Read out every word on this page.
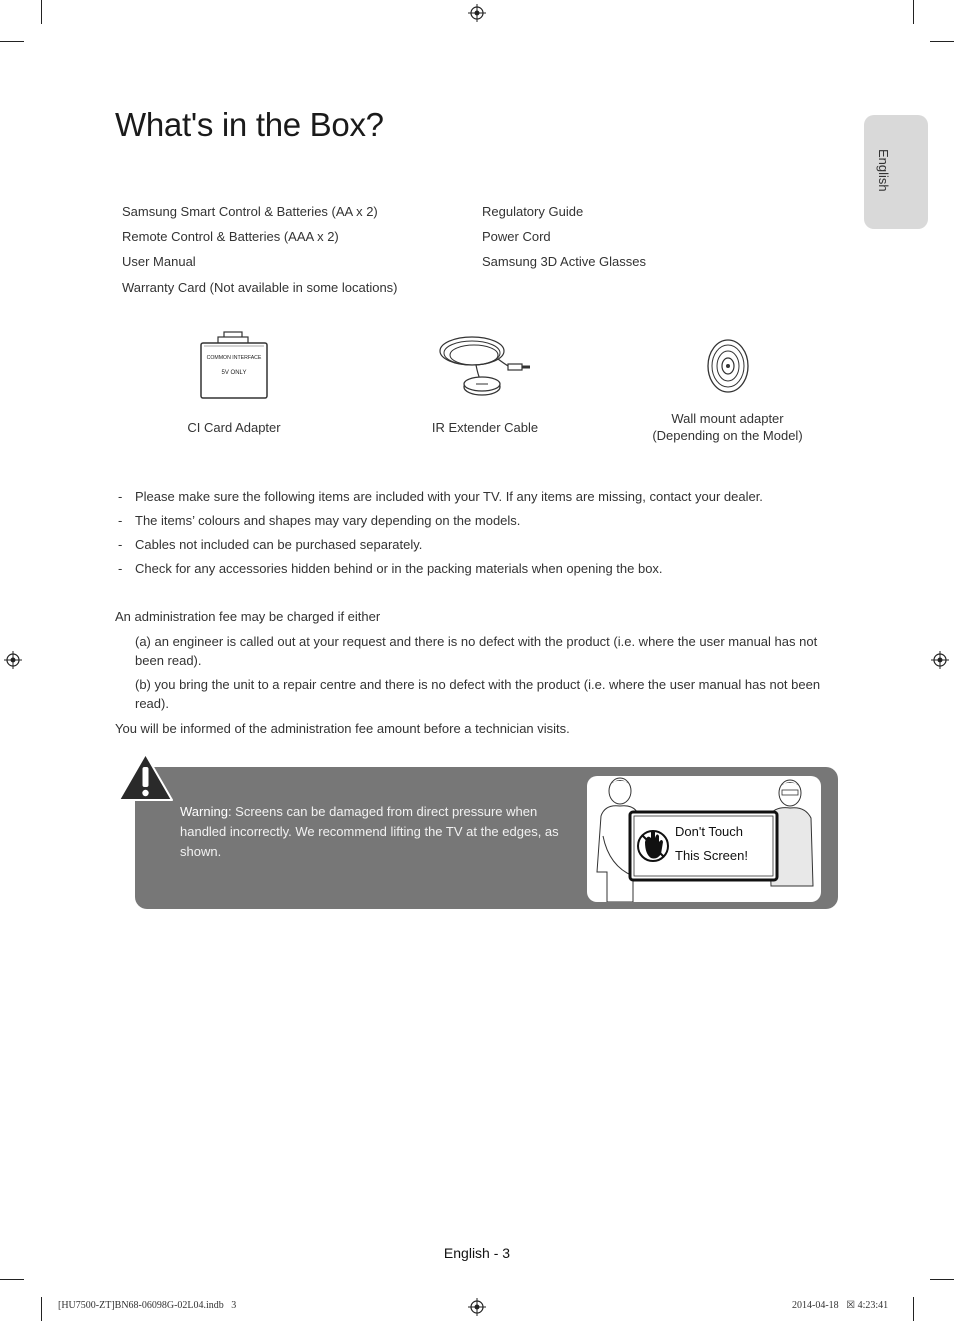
What's in the Box?
English
Samsung Smart Control & Batteries (AA x 2)
Remote Control & Batteries (AAA x 2)
User Manual
Warranty Card (Not available in some locations)
Regulatory Guide
Power Cord
Samsung 3D Active Glasses
COMMON INTERFACE
5V ONLY
CI Card Adapter	IR Extender Cable
Wall mount adapter
(Depending on the Model)
- Please make sure the following items are included with your TV. If any items are missing, contact your dealer.
- The items’ colours and shapes may vary depending on the models.
- Cables not included can be purchased separately.
- Check for any accessories hidden behind or in the packing materials when opening the box.
An administration fee may be charged if either
(a) an engineer is called out at your request and there is no defect with the product (i.e. where the user manual has not been read).
(b) you bring the unit to a repair centre and there is no defect with the product (i.e. where the user manual has not been read).
You will be informed of the administration fee amount before a technician visits.
Warning: Screens can be damaged from direct pressure when handled incorrectly. We recommend lifting the TV at the edges, as shown.
Don't Touch
This Screen!
English - 3
[HU7500-ZT]BN68-06098G-02L04.indb   3	2014-04-18   ☒ 4:23:41
